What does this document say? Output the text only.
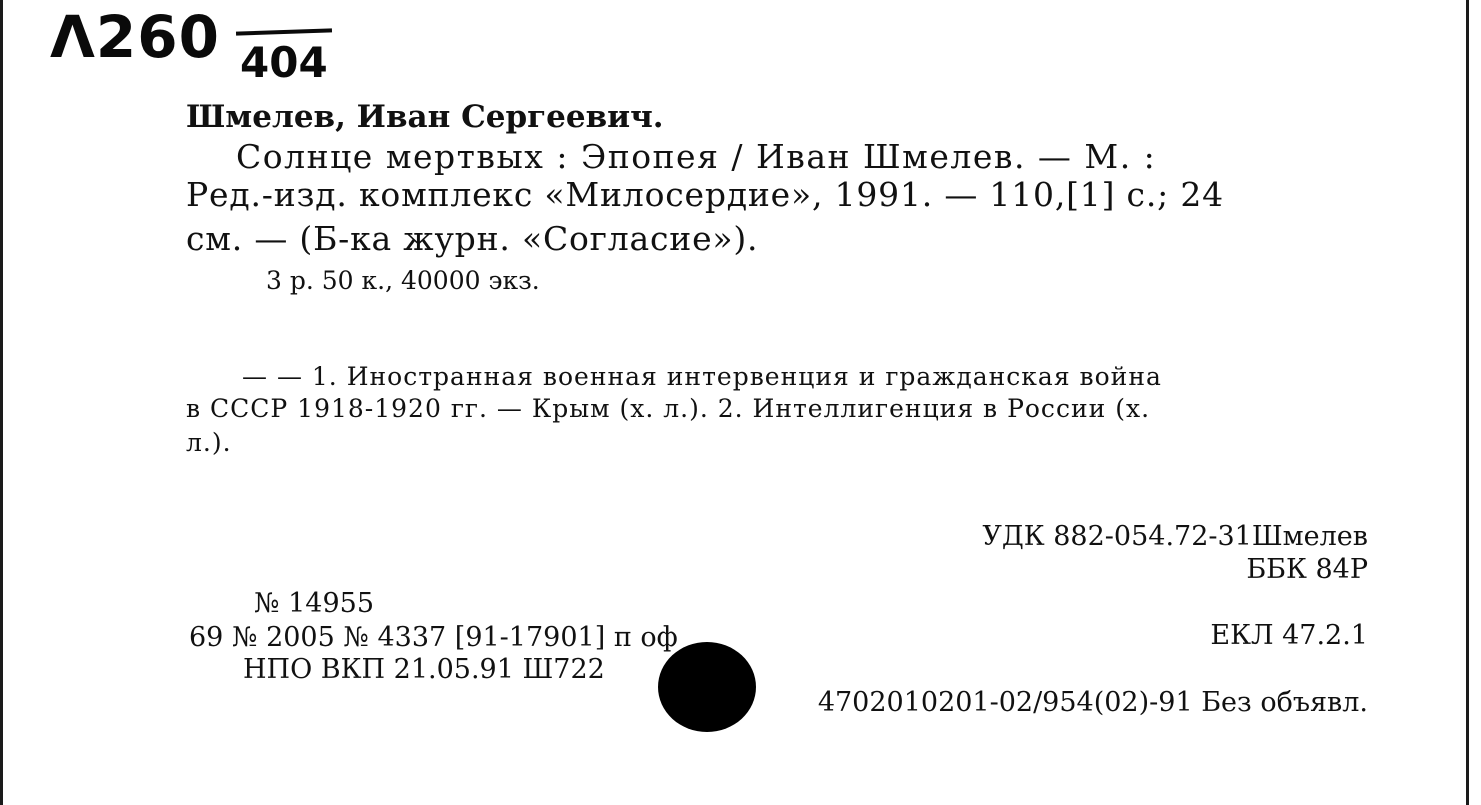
Λ260 404
Шмелев, Иван Сергеевич.
Солнце мертвых : Эпопея / Иван Шмелев. — М. :
Ред.-изд. комплекс «Милосердие», 1991. — 110,[1] с.; 24
см. — (Б-ка журн. «Согласие»).
3 р. 50 к., 40000 экз.
— — 1. Иностранная военная интервенция и гражданская война
в СССР 1918-1920 гг. — Крым (х. л.). 2. Интеллигенция в России (х.
л.).
УДК 882-054.72-31Шмелев
ББК 84Р
№ 14955
69 № 2005 № 4337 [91-17901] п оф	ЕКЛ 47.2.1
НПО ВКП 21.05.91 Ш722
4702010201-02/954(02)-91 Без объявл.
